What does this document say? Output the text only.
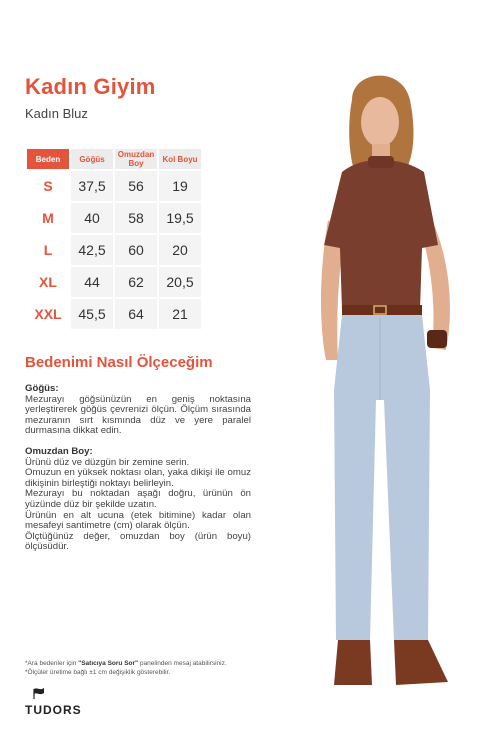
Kadın Giyim
Kadın Bluz
Beden	Göğüs	Omuzdan Boy	Kol Boyu
S	37,5	56	19
M	40	58	19,5
L	42,5	60	20
XL	44	62	20,5
XXL	45,5	64	21
Bedenimi Nasıl Ölçeceğim
Göğüs:

Mezurayı göğsünüzün en geniş noktasına yerleştirerek göğüs çevrenizi ölçün. Ölçüm sırasında mezuranın sırt kısmında düz ve yere paralel durmasına dikkat edin.

Omuzdan Boy:

Ürünü düz ve düzgün bir zemine serin.

Omuzun en yüksek noktası olan, yaka dikişi ile omuz dikişinin birleştiği noktayı belirleyin.

Mezurayı bu noktadan aşağı doğru, ürünün ön yüzünde düz bir şekilde uzatın.

Ürünün en alt ucuna (etek bitimine) kadar olan mesafeyi santimetre (cm) olarak ölçün.

Ölçtüğünüz değer, omuzdan boy (ürün boyu) ölçüsüdür.

*Ara bedenler için "Satıcıya Soru Sor" panelinden mesaj atabilirsiniz.
*Ölçüler üretime bağlı ±1 cm değişiklik gösterebilir.
TUDORS
